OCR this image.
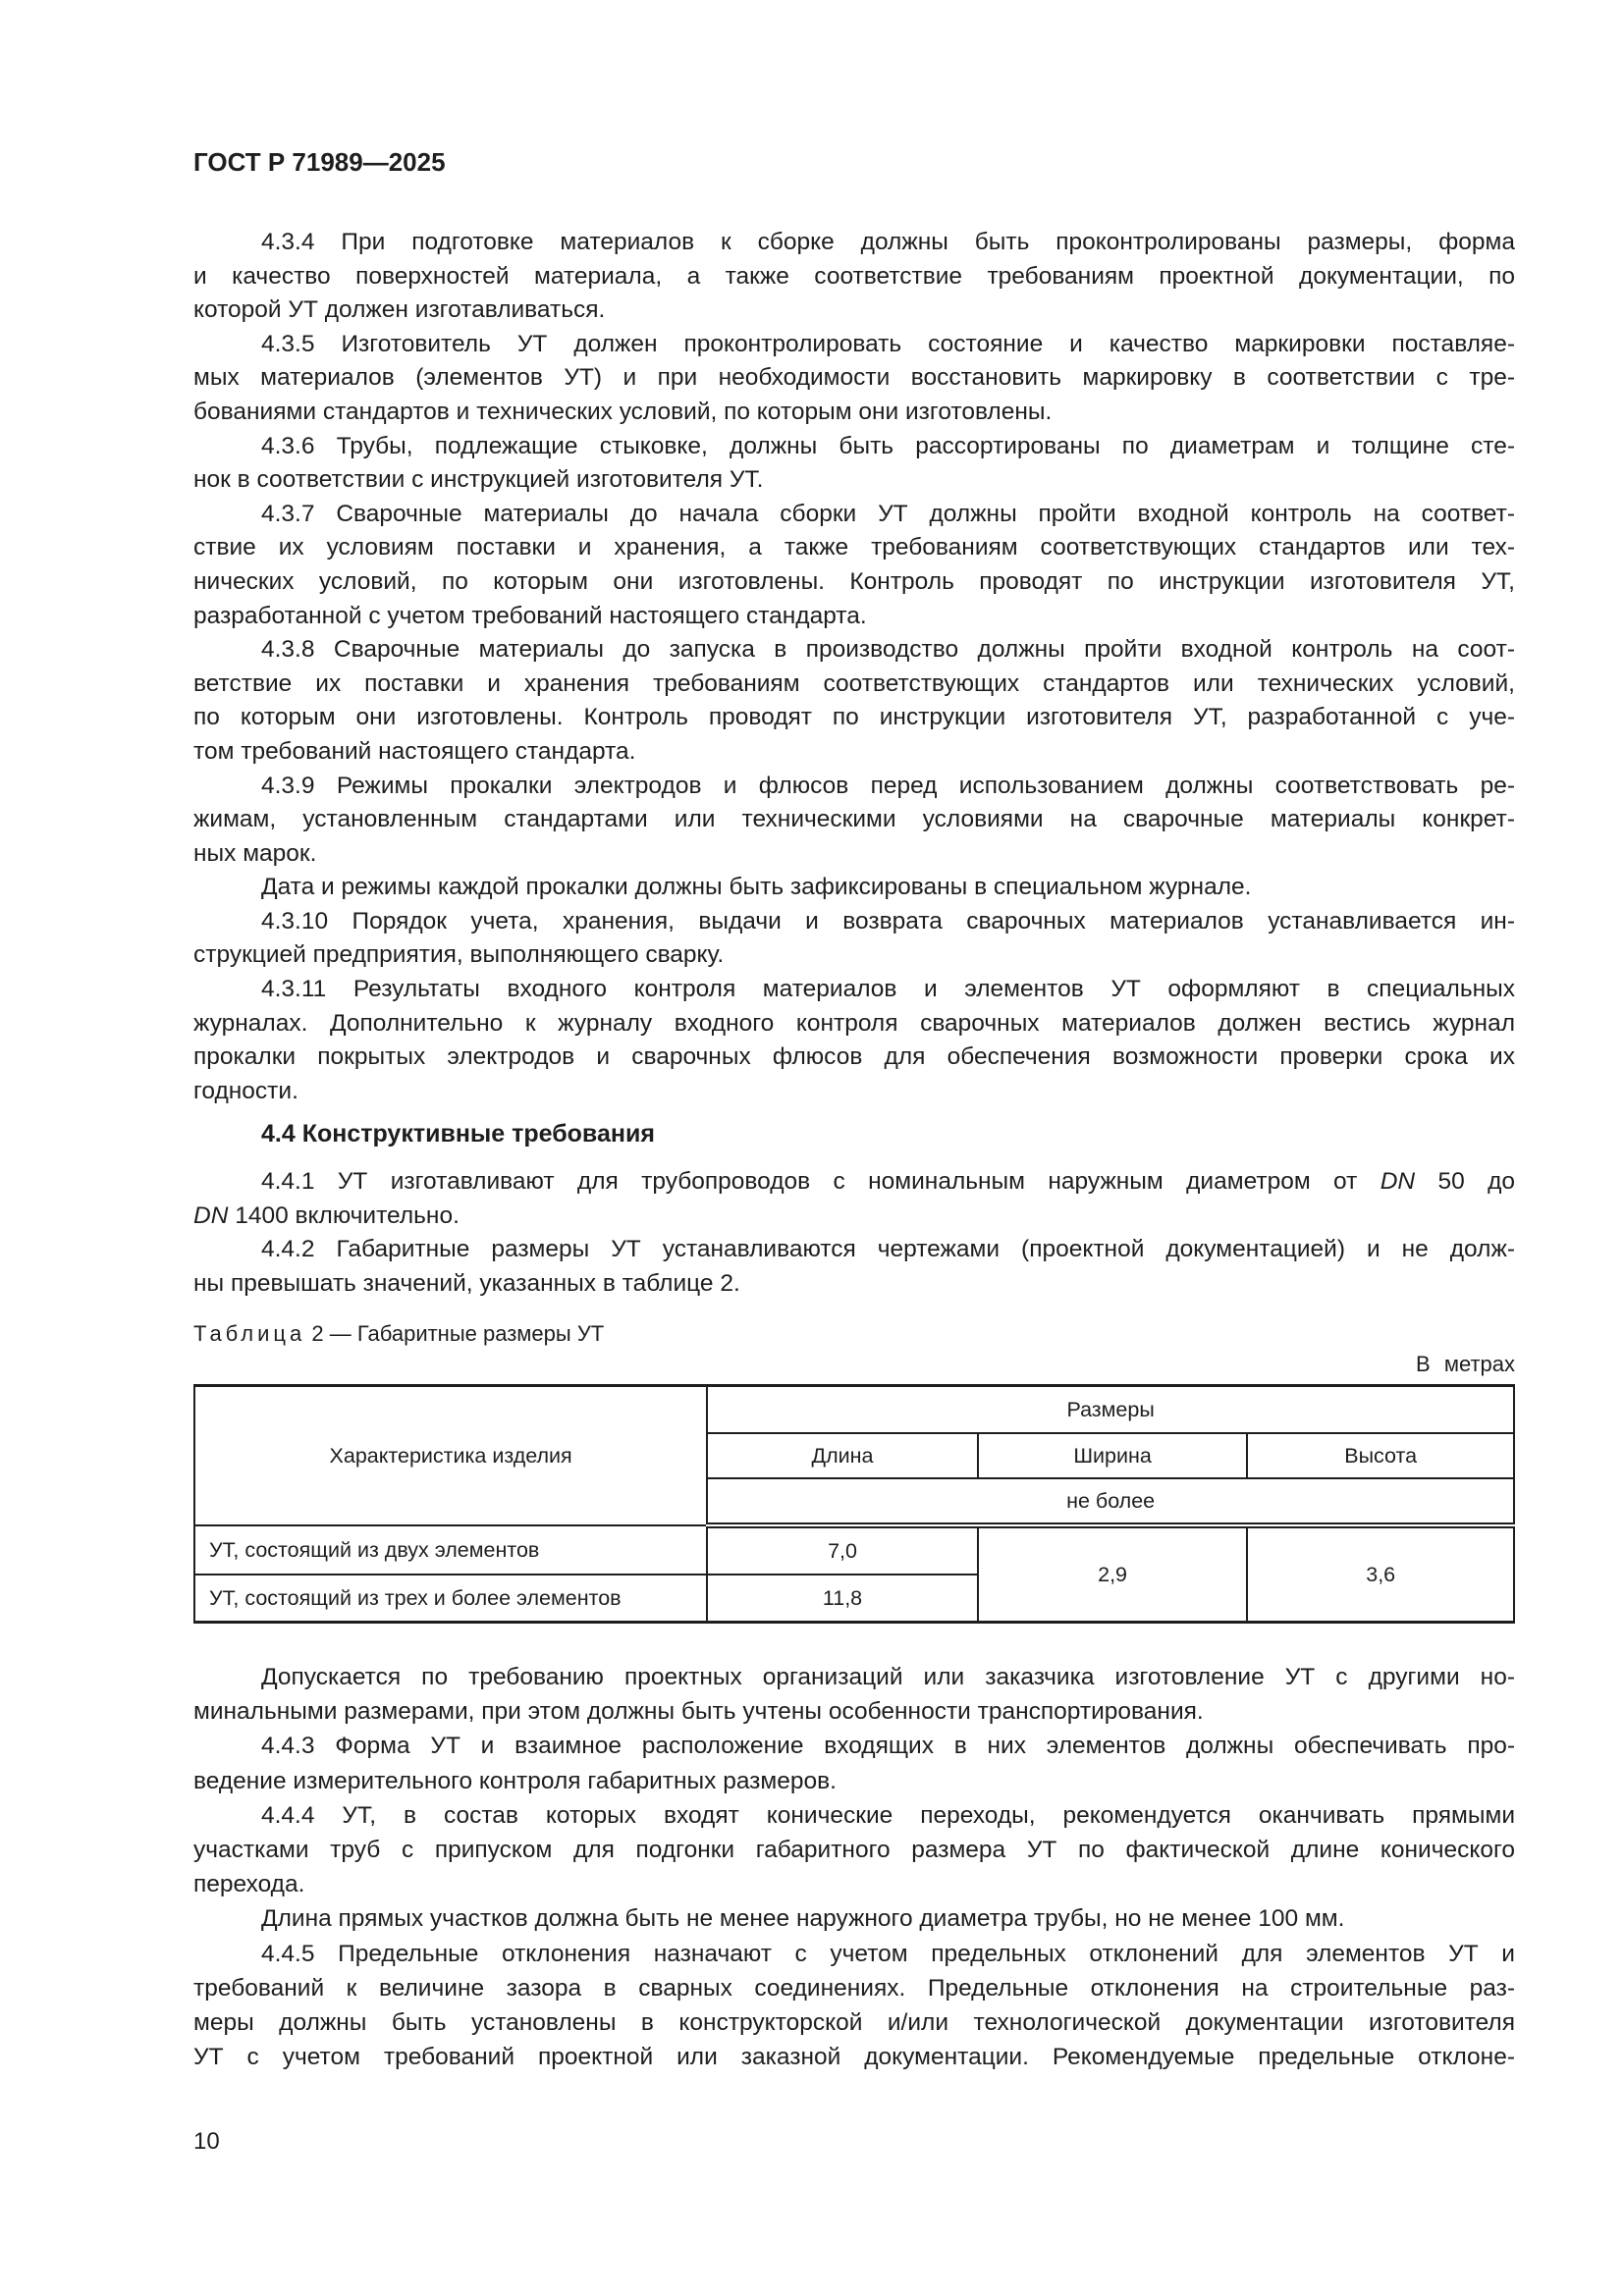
ГОСТ Р 71989—2025
4.3.4 При подготовке материалов к сборке должны быть проконтролированы размеры, форма
и качество поверхностей материала, а также соответствие требованиям проектной документации, по
которой УТ должен изготавливаться.
4.3.5 Изготовитель УТ должен проконтролировать состояние и качество маркировки поставляе-
мых материалов (элементов УТ) и при необходимости восстановить маркировку в соответствии с тре-
бованиями стандартов и технических условий, по которым они изготовлены.
4.3.6 Трубы, подлежащие стыковке, должны быть рассортированы по диаметрам и толщине сте-
нок в соответствии с инструкцией изготовителя УТ.
4.3.7 Сварочные материалы до начала сборки УТ должны пройти входной контроль на соответ-
ствие их условиям поставки и хранения, а также требованиям соответствующих стандартов или тех-
нических условий, по которым они изготовлены. Контроль проводят по инструкции изготовителя УТ,
разработанной с учетом требований настоящего стандарта.
4.3.8 Сварочные материалы до запуска в производство должны пройти входной контроль на соот-
ветствие их поставки и хранения требованиям соответствующих стандартов или технических условий,
по которым они изготовлены. Контроль проводят по инструкции изготовителя УТ, разработанной с уче-
том требований настоящего стандарта.
4.3.9 Режимы прокалки электродов и флюсов перед использованием должны соответствовать ре-
жимам, установленным стандартами или техническими условиями на сварочные материалы конкрет-
ных марок.
Дата и режимы каждой прокалки должны быть зафиксированы в специальном журнале.
4.3.10 Порядок учета, хранения, выдачи и возврата сварочных материалов устанавливается ин-
струкцией предприятия, выполняющего сварку.
4.3.11 Результаты входного контроля материалов и элементов УТ оформляют в специальных
журналах. Дополнительно к журналу входного контроля сварочных материалов должен вестись журнал
прокалки покрытых электродов и сварочных флюсов для обеспечения возможности проверки срока их
годности.
4.4 Конструктивные требования
4.4.1 УТ изготавливают для трубопроводов с номинальным наружным диаметром от DN 50 до
DN 1400 включительно.
4.4.2 Габаритные размеры УТ устанавливаются чертежами (проектной документацией) и не долж-
ны превышать значений, указанных в таблице 2.
Таблица 2 — Габаритные размеры УТ
В метрах
Характеристика изделия	Размеры		
	Длина	Ширина	Высота
	не более		
УТ, состоящий из двух элементов	7,0	2,9	3,6
УТ, состоящий из трех и более элементов	11,8		
Допускается по требованию проектных организаций или заказчика изготовление УТ с другими но-
минальными размерами, при этом должны быть учтены особенности транспортирования.
4.4.3 Форма УТ и взаимное расположение входящих в них элементов должны обеспечивать про-
ведение измерительного контроля габаритных размеров.
4.4.4 УТ, в состав которых входят конические переходы, рекомендуется оканчивать прямыми
участками труб с припуском для подгонки габаритного размера УТ по фактической длине конического
перехода.
Длина прямых участков должна быть не менее наружного диаметра трубы, но не менее 100 мм.
4.4.5 Предельные отклонения назначают с учетом предельных отклонений для элементов УТ и
требований к величине зазора в сварных соединениях. Предельные отклонения на строительные раз-
меры должны быть установлены в конструкторской и/или технологической документации изготовителя
УТ с учетом требований проектной или заказной документации. Рекомендуемые предельные отклоне-
10
